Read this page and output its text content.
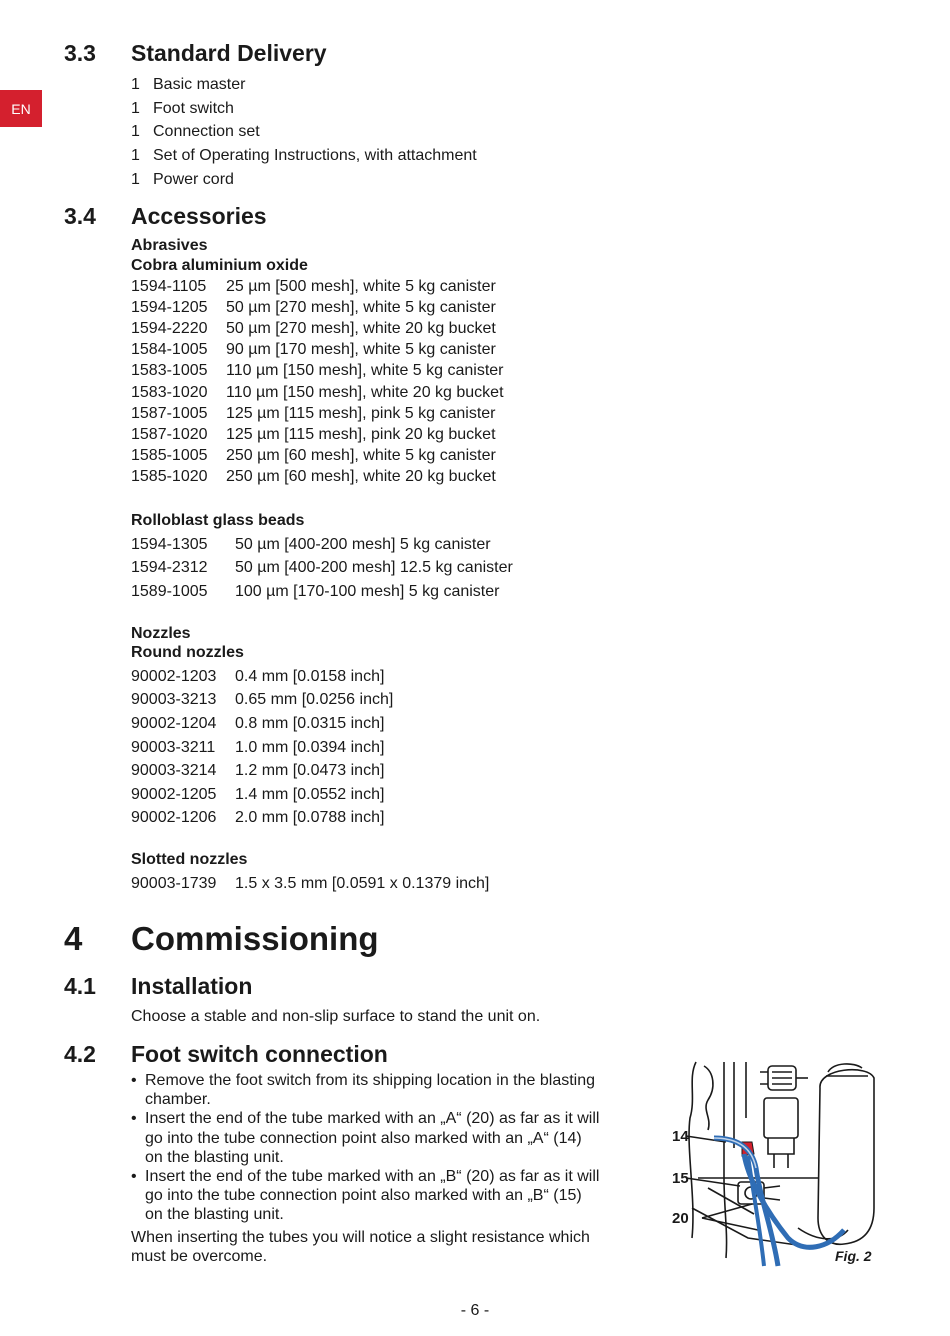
EN
3.3 Standard Delivery
1 Basic master
1 Foot switch
1 Connection set
1 Set of Operating Instructions, with attachment
1 Power cord
3.4 Accessories
Abrasives
Cobra aluminium oxide
1594-1105	25 µm [500 mesh], white 5 kg canister
1594-1205	50 µm [270 mesh], white 5 kg canister
1594-2220	50 µm [270 mesh], white 20 kg bucket
1584-1005	90 µm [170 mesh], white 5 kg canister
1583-1005	110 µm [150 mesh], white 5 kg canister
1583-1020	110 µm [150 mesh], white 20 kg bucket
1587-1005	125 µm [115 mesh], pink 5 kg canister
1587-1020	125 µm [115 mesh], pink 20 kg bucket
1585-1005	250 µm [60 mesh], white 5 kg canister
1585-1020	250 µm [60 mesh], white 20 kg bucket
Rolloblast glass beads
1594-1305	50 µm [400-200 mesh] 5 kg canister
1594-2312	50 µm [400-200 mesh] 12.5 kg canister
1589-1005	100 µm [170-100 mesh] 5 kg canister
Nozzles
Round nozzles
90002-1203	0.4 mm [0.0158 inch]
90003-3213	0.65 mm [0.0256 inch]
90002-1204	0.8 mm [0.0315 inch]
90003-3211	1.0 mm [0.0394 inch]
90003-3214	1.2 mm [0.0473 inch]
90002-1205	1.4 mm [0.0552 inch]
90002-1206	2.0 mm [0.0788 inch]
Slotted nozzles
90003-1739	1.5 x 3.5 mm [0.0591 x 0.1379 inch]
4 Commissioning
4.1 Installation
Choose a stable and non-slip surface to stand the unit on.
4.2 Foot switch connection
• Remove the foot switch from its shipping location in the blasting
chamber.
• Insert the end of the tube marked with an „A“ (20) as far as it will
go into the tube connection point also marked with an „A“ (14)
on the blasting unit.
• Insert the end of the tube marked with an „B“ (20) as far as it will
go into the tube connection point also marked with an „B“ (15)
on the blasting unit.
When inserting the tubes you will notice a slight resistance which
must be overcome.
14
15
20
Fig. 2
- 6 -
